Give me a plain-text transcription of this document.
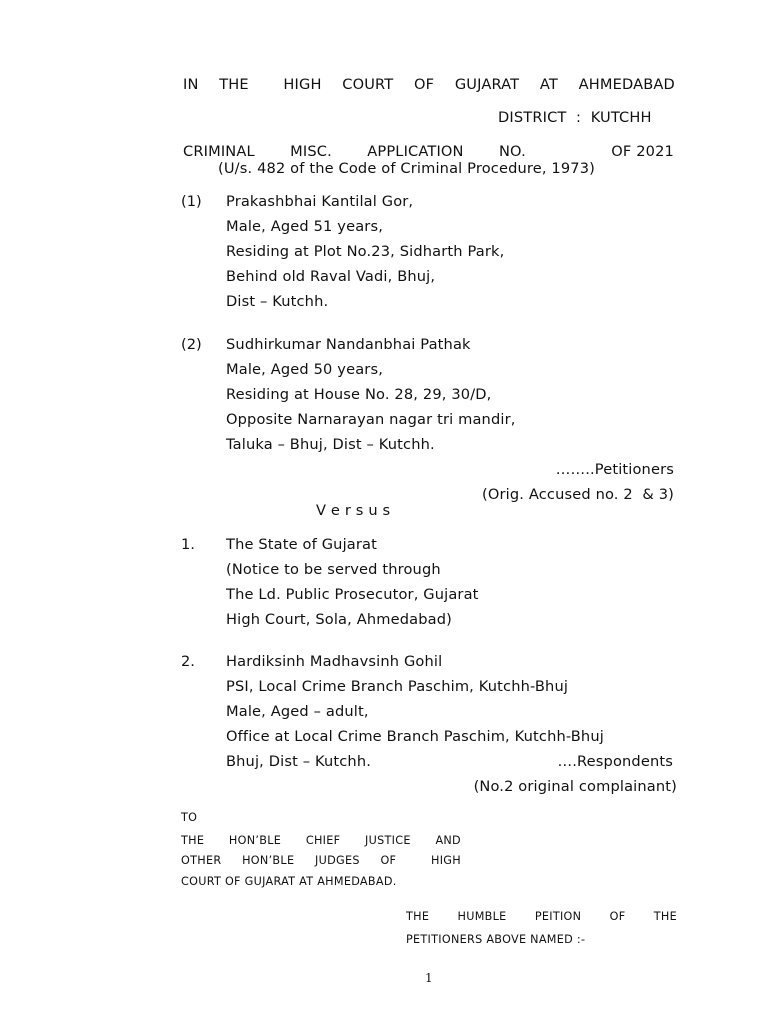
IN THE HIGH COURT OF GUJARAT AT AHMEDABAD
DISTRICT  :  KUTCHH
CRIMINAL MISC. APPLICATION NO.	OF 2021
(U/s. 482 of the Code of Criminal Procedure, 1973)
(1) Prakashbhai Kantilal Gor,
Male, Aged 51 years,
Residing at Plot No.23, Sidharth Park,
Behind old Raval Vadi, Bhuj,
Dist – Kutchh.
(2) Sudhirkumar Nandanbhai Pathak
Male, Aged 50 years,
Residing at House No. 28, 29, 30/D,
Opposite Narnarayan nagar tri mandir,
Taluka – Bhuj, Dist – Kutchh.
……..Petitioners
(Orig. Accused no. 2  & 3)
V e r s u s
1. The State of Gujarat
(Notice to be served through
The Ld. Public Prosecutor, Gujarat
High Court, Sola, Ahmedabad)
2. Hardiksinh Madhavsinh Gohil
PSI, Local Crime Branch Paschim, Kutchh-Bhuj
Male, Aged – adult,
Office at Local Crime Branch Paschim, Kutchh-Bhuj
Bhuj, Dist – Kutchh.	….Respondents
(No.2 original complainant)
TO
THE HON’BLE CHIEF JUSTICE AND
OTHER HON’BLE JUDGES OF	HIGH
COURT OF GUJARAT AT AHMEDABAD.
THE	HUMBLE	PEITION	OF	THE
PETITIONERS ABOVE NAMED :-
1
